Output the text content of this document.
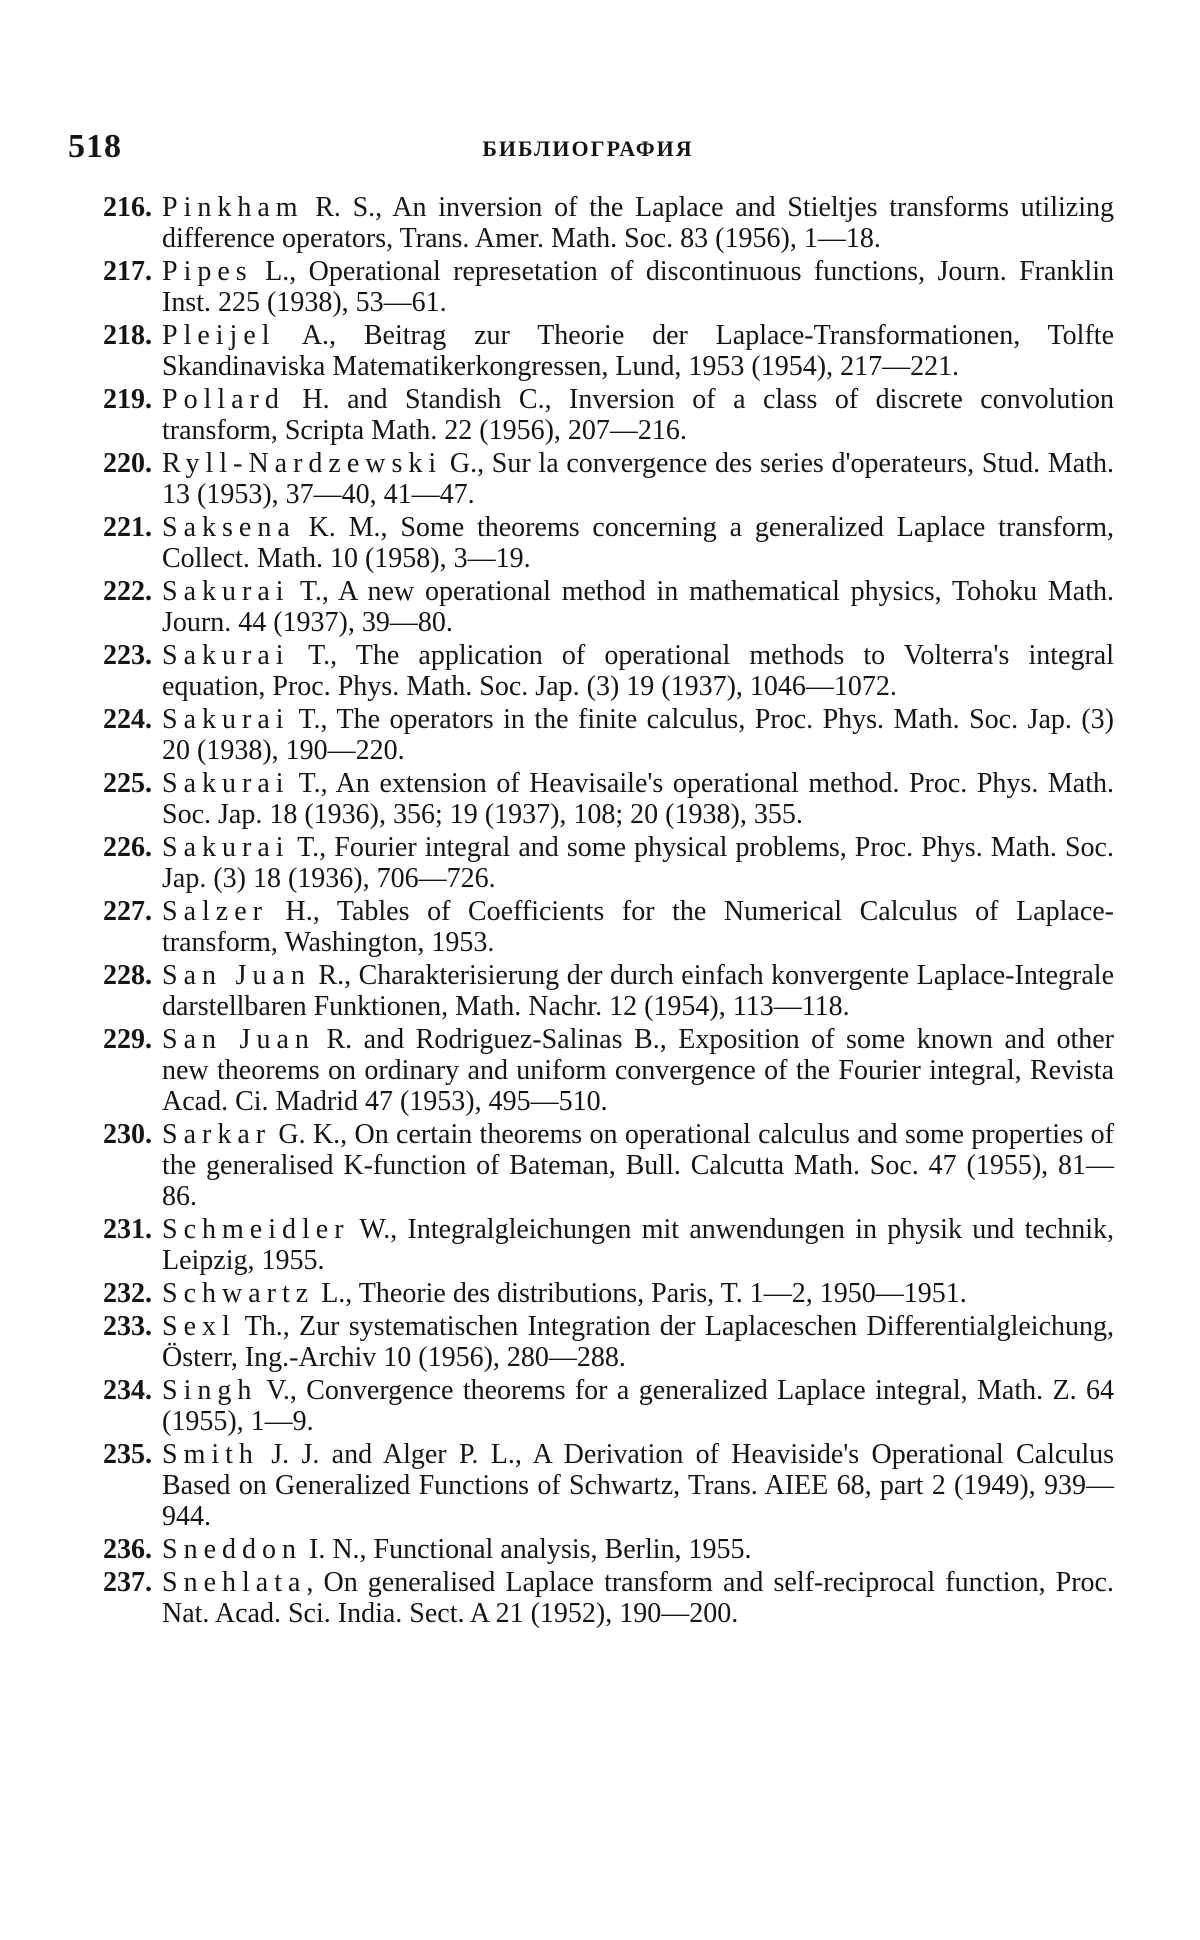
518	БИБЛИОГРАФИЯ
216. Pinkham R. S., An inversion of the Laplace and Stieltjes transforms utilizing difference operators, Trans. Amer. Math. Soc. 83 (1956), 1—18.
217. Pipes L., Operational represetation of discontinuous functions, Journ. Franklin Inst. 225 (1938), 53—61.
218. Pleijel A., Beitrag zur Theorie der Laplace-Transformationen, Tolfte Skandinaviska Matematikerkongressen, Lund, 1953 (1954), 217—221.
219. Pollard H. and Standish C., Inversion of a class of discrete convolution transform, Scripta Math. 22 (1956), 207—216.
220. Ryll-Nardzewski G., Sur la convergence des series d'operateurs, Stud. Math. 13 (1953), 37—40, 41—47.
221. Saksena K. M., Some theorems concerning a generalized Laplace transform, Collect. Math. 10 (1958), 3—19.
222. Sakurai T., A new operational method in mathematical physics, Tohoku Math. Journ. 44 (1937), 39—80.
223. Sakurai T., The application of operational methods to Volterra's integral equation, Proc. Phys. Math. Soc. Jap. (3) 19 (1937), 1046—1072.
224. Sakurai T., The operators in the finite calculus, Proc. Phys. Math. Soc. Jap. (3) 20 (1938), 190—220.
225. Sakurai T., An extension of Heavisaile's operational method. Proc. Phys. Math. Soc. Jap. 18 (1936), 356; 19 (1937), 108; 20 (1938), 355.
226. Sakurai T., Fourier integral and some physical problems, Proc. Phys. Math. Soc. Jap. (3) 18 (1936), 706—726.
227. Salzer H., Tables of Coefficients for the Numerical Calculus of Laplace-transform, Washington, 1953.
228. San Juan R., Charakterisierung der durch einfach konvergente Laplace-Integrale darstellbaren Funktionen, Math. Nachr. 12 (1954), 113—118.
229. San Juan R. and Rodriguez-Salinas B., Exposition of some known and other new theorems on ordinary and uniform convergence of the Fourier integral, Revista Acad. Ci. Madrid 47 (1953), 495—510.
230. Sarkar G. K., On certain theorems on operational calculus and some properties of the generalised K-function of Bateman, Bull. Calcutta Math. Soc. 47 (1955), 81—86.
231. Schmeidler W., Integralgleichungen mit anwendungen in physik und technik, Leipzig, 1955.
232. Schwartz L., Theorie des distributions, Paris, T. 1—2, 1950—1951.
233. Sexl Th., Zur systematischen Integration der Laplaceschen Differentialgleichung, Österr, Ing.-Archiv 10 (1956), 280—288.
234. Singh V., Convergence theorems for a generalized Laplace integral, Math. Z. 64 (1955), 1—9.
235. Smith J. J. and Alger P. L., A Derivation of Heaviside's Operational Calculus Based on Generalized Functions of Schwartz, Trans. AIEE 68, part 2 (1949), 939—944.
236. Sneddon I. N., Functional analysis, Berlin, 1955.
237. Snehlata, On generalised Laplace transform and self-reciprocal function, Proc. Nat. Acad. Sci. India. Sect. A 21 (1952), 190—200.
